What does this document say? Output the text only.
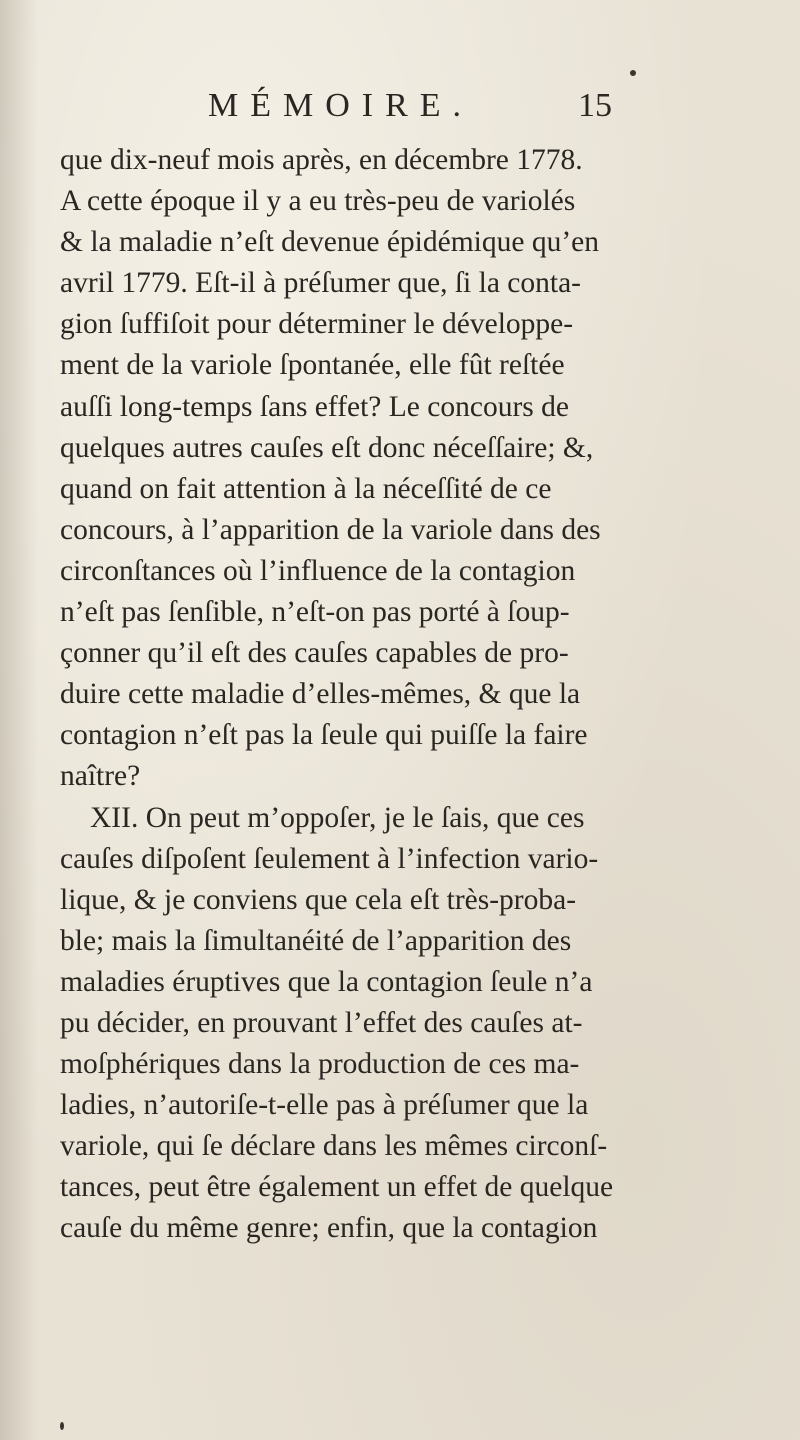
MÉMOIRE.	15
que dix-neuf mois après, en décembre 1778.
A cette époque il y a eu très-peu de variolés
& la maladie n’eſt devenue épidémique qu’en
avril 1779. Eſt-il à préſumer que, ſi la conta-
gion ſuffiſoit pour déterminer le développe-
ment de la variole ſpontanée, elle fût reſtée
auſſi long-temps ſans effet? Le concours de
quelques autres cauſes eſt donc néceſſaire; &,
quand on fait attention à la néceſſité de ce
concours, à l’apparition de la variole dans des
circonſtances où l’influence de la contagion
n’eſt pas ſenſible, n’eſt-on pas porté à ſoup-
çonner qu’il eſt des cauſes capables de pro-
duire cette maladie d’elles-mêmes, & que la
contagion n’eſt pas la ſeule qui puiſſe la faire
naître?
XII. On peut m’oppoſer, je le ſais, que ces
cauſes diſpoſent ſeulement à l’infection vario-
lique, & je conviens que cela eſt très-proba-
ble; mais la ſimultanéité de l’apparition des
maladies éruptives que la contagion ſeule n’a
pu décider, en prouvant l’effet des cauſes at-
moſphériques dans la production de ces ma-
ladies, n’autoriſe-t-elle pas à préſumer que la
variole, qui ſe déclare dans les mêmes circonſ-
tances, peut être également un effet de quelque
cauſe du même genre; enfin, que la contagion
